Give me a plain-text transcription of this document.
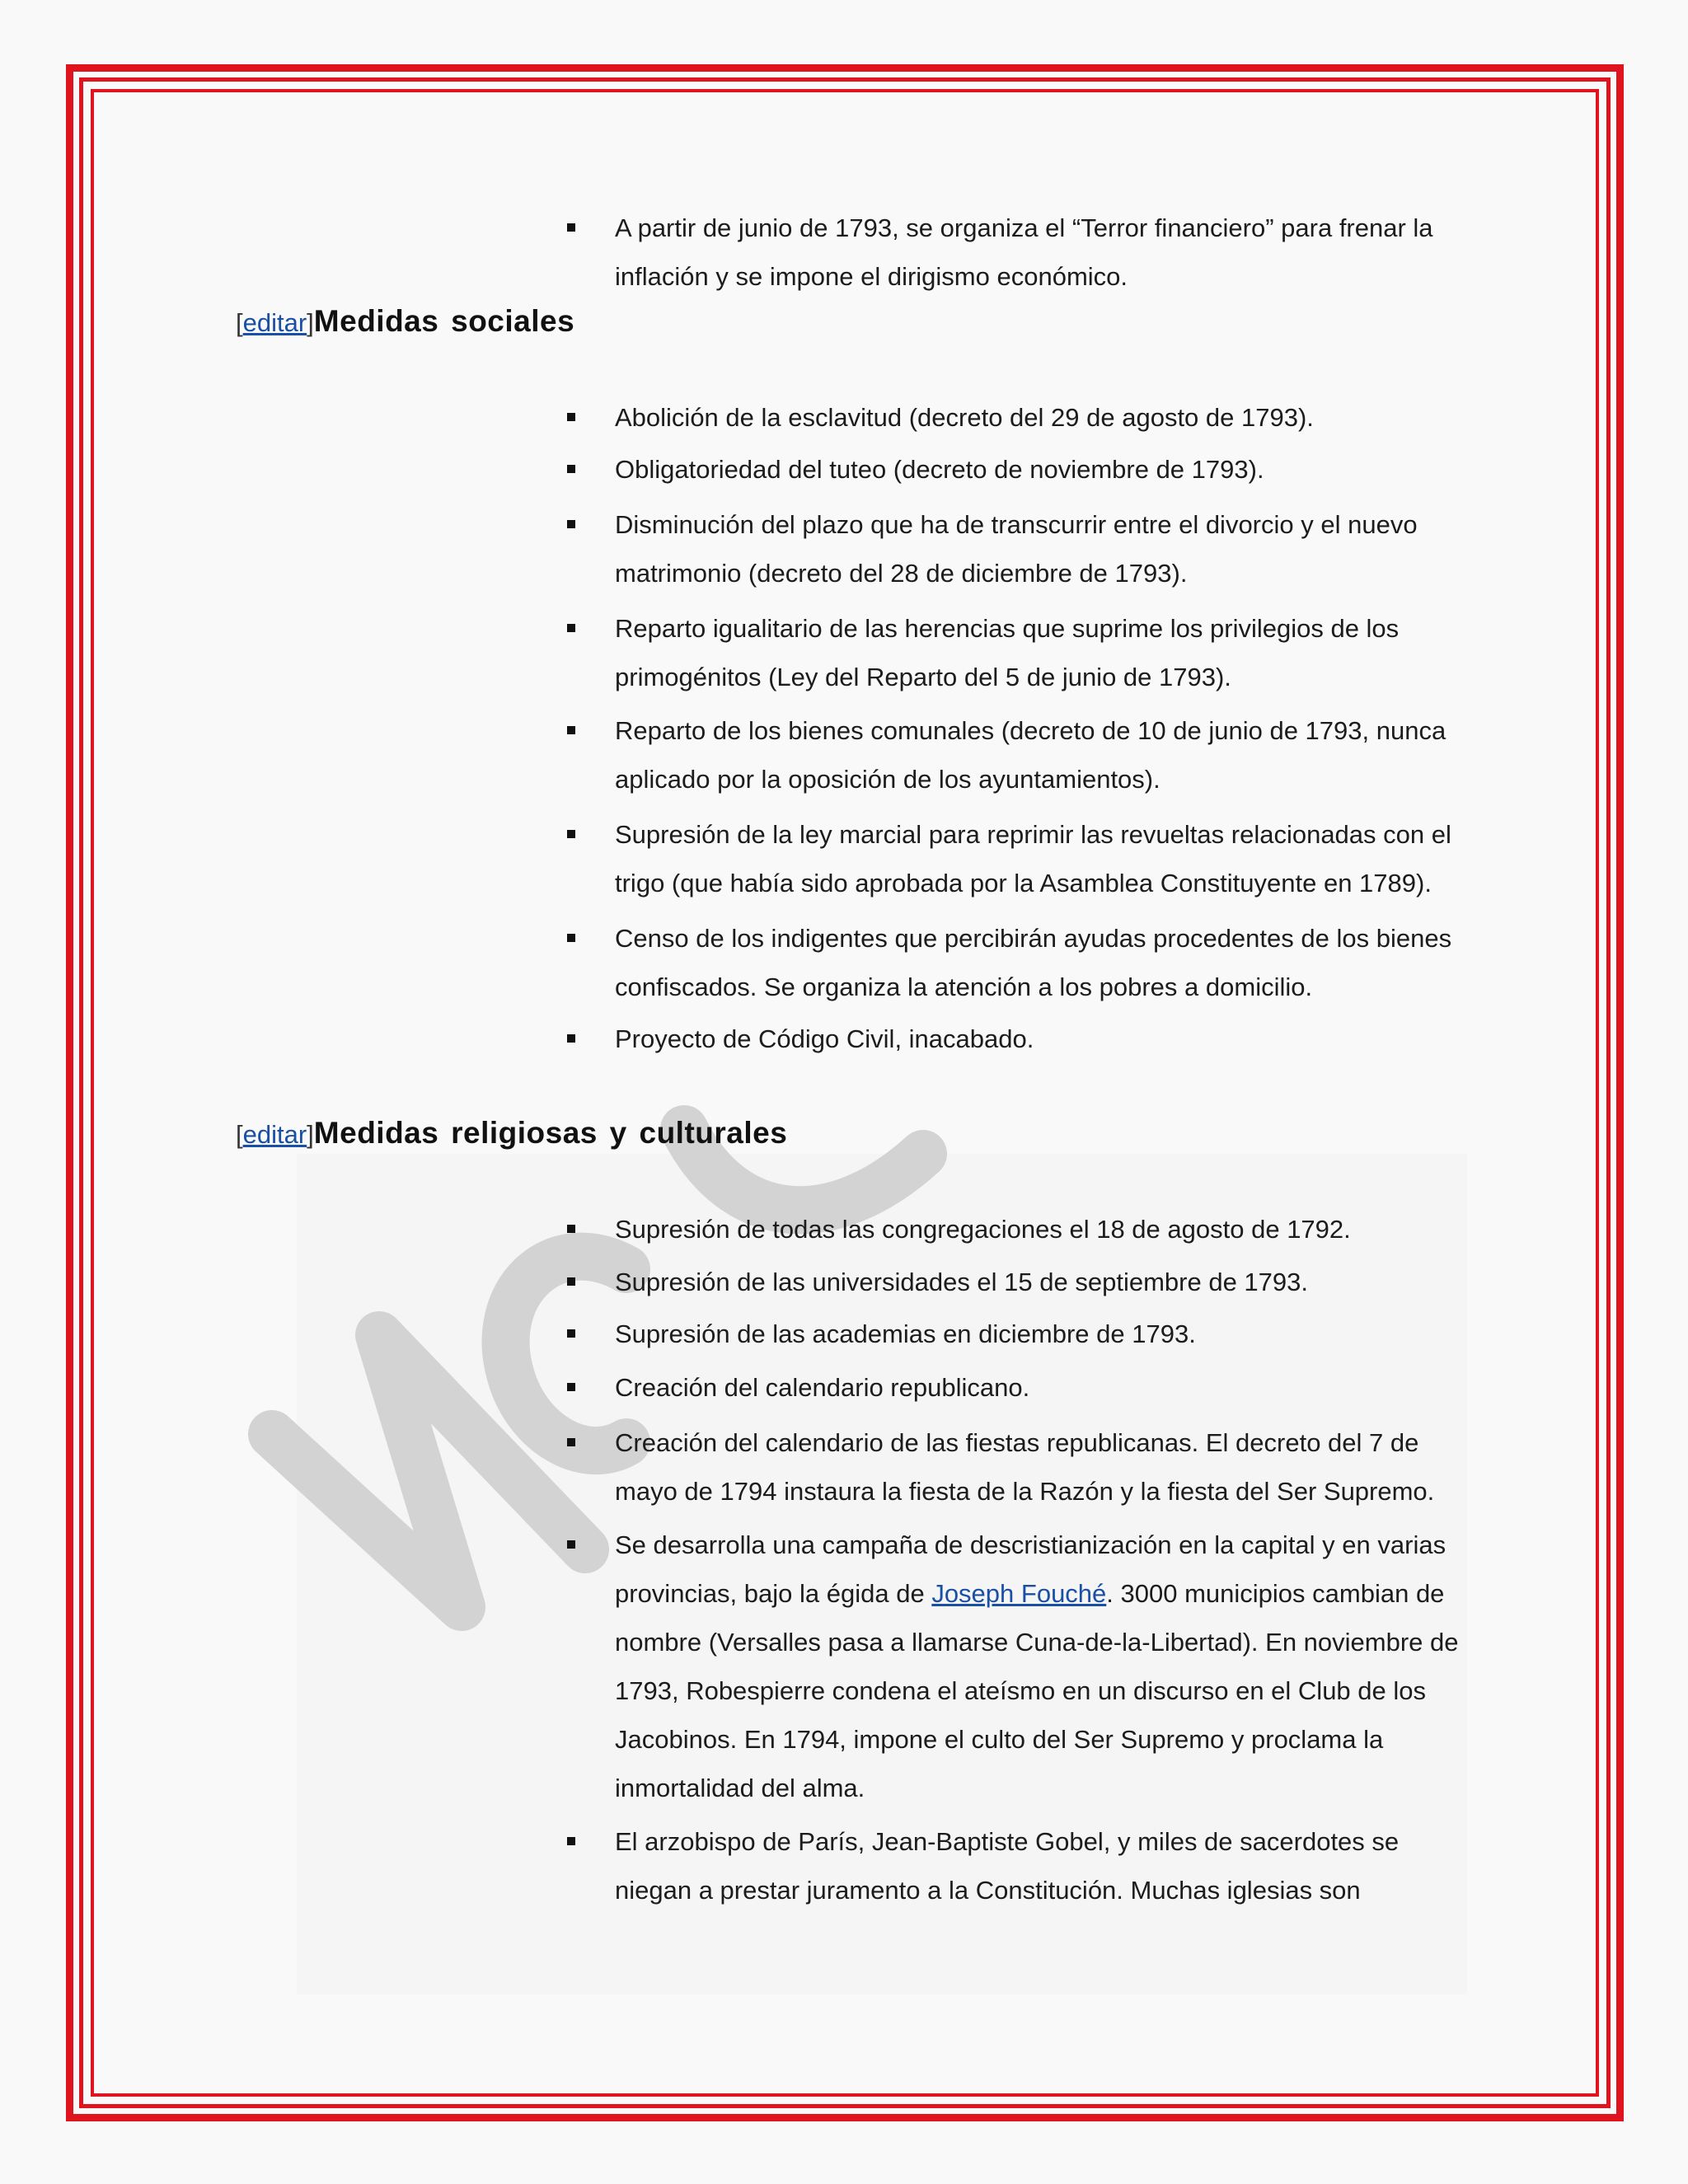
A partir de junio de 1793, se organiza el “Terror financiero” para frenar la inflación y se impone el dirigismo económico.
[editar]Medidas sociales
Abolición de la esclavitud (decreto del 29 de agosto de 1793).
Obligatoriedad del tuteo (decreto de noviembre de 1793).
Disminución del plazo que ha de transcurrir entre el divorcio y el nuevo matrimonio (decreto del 28 de diciembre de 1793).
Reparto igualitario de las herencias que suprime los privilegios de los primogénitos (Ley del Reparto del 5 de junio de 1793).
Reparto de los bienes comunales (decreto de 10 de junio de 1793, nunca aplicado por la oposición de los ayuntamientos).
Supresión de la ley marcial para reprimir las revueltas relacionadas con el trigo (que había sido aprobada por la Asamblea Constituyente en 1789).
Censo de los indigentes que percibirán ayudas procedentes de los bienes confiscados. Se organiza la atención a los pobres a domicilio.
Proyecto de Código Civil, inacabado.
[editar]Medidas religiosas y culturales
Supresión de todas las congregaciones el 18 de agosto de 1792.
Supresión de las universidades el 15 de septiembre de 1793.
Supresión de las academias en diciembre de 1793.
Creación del calendario republicano.
Creación del calendario de las fiestas republicanas. El decreto del 7 de mayo de 1794 instaura la fiesta de la Razón y la fiesta del Ser Supremo.
Se desarrolla una campaña de descristianización en la capital y en varias provincias, bajo la égida de Joseph Fouché. 3000 municipios cambian de nombre (Versalles pasa a llamarse Cuna-de-la-Libertad). En noviembre de 1793, Robespierre condena el ateísmo en un discurso en el Club de los Jacobinos. En 1794, impone el culto del Ser Supremo y proclama la inmortalidad del alma.
El arzobispo de París, Jean-Baptiste Gobel, y miles de sacerdotes se niegan a prestar juramento a la Constitución. Muchas iglesias son
